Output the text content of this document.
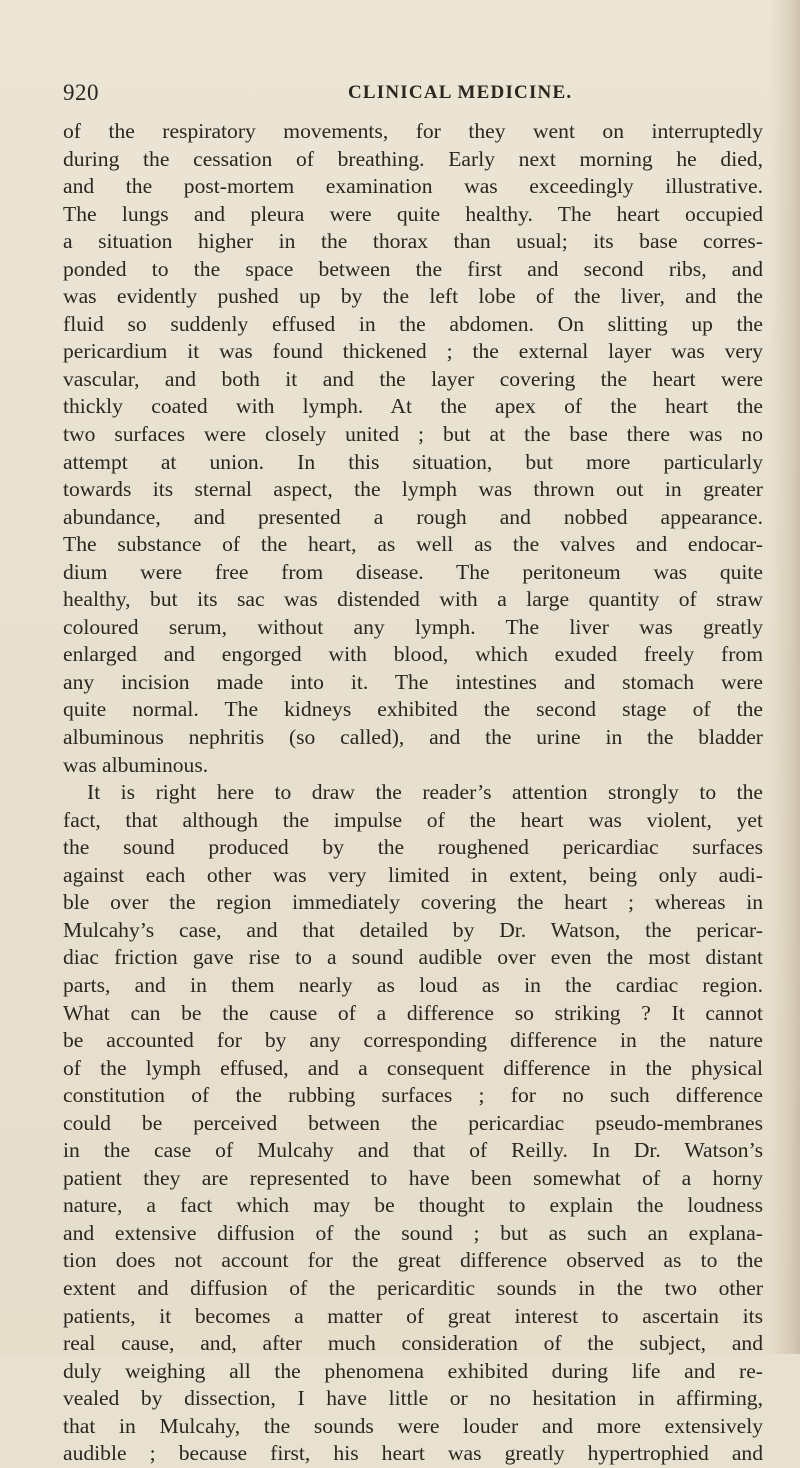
920	CLINICAL MEDICINE.
of the respiratory movements, for they went on interruptedly
during the cessation of breathing. Early next morning he died,
and the post-mortem examination was exceedingly illustrative.
The lungs and pleura were quite healthy. The heart occupied
a situation higher in the thorax than usual; its base corres-
ponded to the space between the first and second ribs, and
was evidently pushed up by the left lobe of the liver, and the
fluid so suddenly effused in the abdomen. On slitting up the
pericardium it was found thickened ; the external layer was very
vascular, and both it and the layer covering the heart were
thickly coated with lymph. At the apex of the heart the
two surfaces were closely united ; but at the base there was no
attempt at union. In this situation, but more particularly
towards its sternal aspect, the lymph was thrown out in greater
abundance, and presented a rough and nobbed appearance.
The substance of the heart, as well as the valves and endocar-
dium were free from disease. The peritoneum was quite
healthy, but its sac was distended with a large quantity of straw
coloured serum, without any lymph. The liver was greatly
enlarged and engorged with blood, which exuded freely from
any incision made into it. The intestines and stomach were
quite normal. The kidneys exhibited the second stage of the
albuminous nephritis (so called), and the urine in the bladder
was albuminous.
It is right here to draw the reader’s attention strongly to the
fact, that although the impulse of the heart was violent, yet
the sound produced by the roughened pericardiac surfaces
against each other was very limited in extent, being only audi-
ble over the region immediately covering the heart ; whereas in
Mulcahy’s case, and that detailed by Dr. Watson, the pericar-
diac friction gave rise to a sound audible over even the most distant
parts, and in them nearly as loud as in the cardiac region.
What can be the cause of a difference so striking ? It cannot
be accounted for by any corresponding difference in the nature
of the lymph effused, and a consequent difference in the physical
constitution of the rubbing surfaces ; for no such difference
could be perceived between the pericardiac pseudo-membranes
in the case of Mulcahy and that of Reilly. In Dr. Watson’s
patient they are represented to have been somewhat of a horny
nature, a fact which may be thought to explain the loudness
and extensive diffusion of the sound ; but as such an explana-
tion does not account for the great difference observed as to the
extent and diffusion of the pericarditic sounds in the two other
patients, it becomes a matter of great interest to ascertain its
real cause, and, after much consideration of the subject, and
duly weighing all the phenomena exhibited during life and re-
vealed by dissection, I have little or no hesitation in affirming,
that in Mulcahy, the sounds were louder and more extensively
audible ; because first, his heart was greatly hypertrophied and
